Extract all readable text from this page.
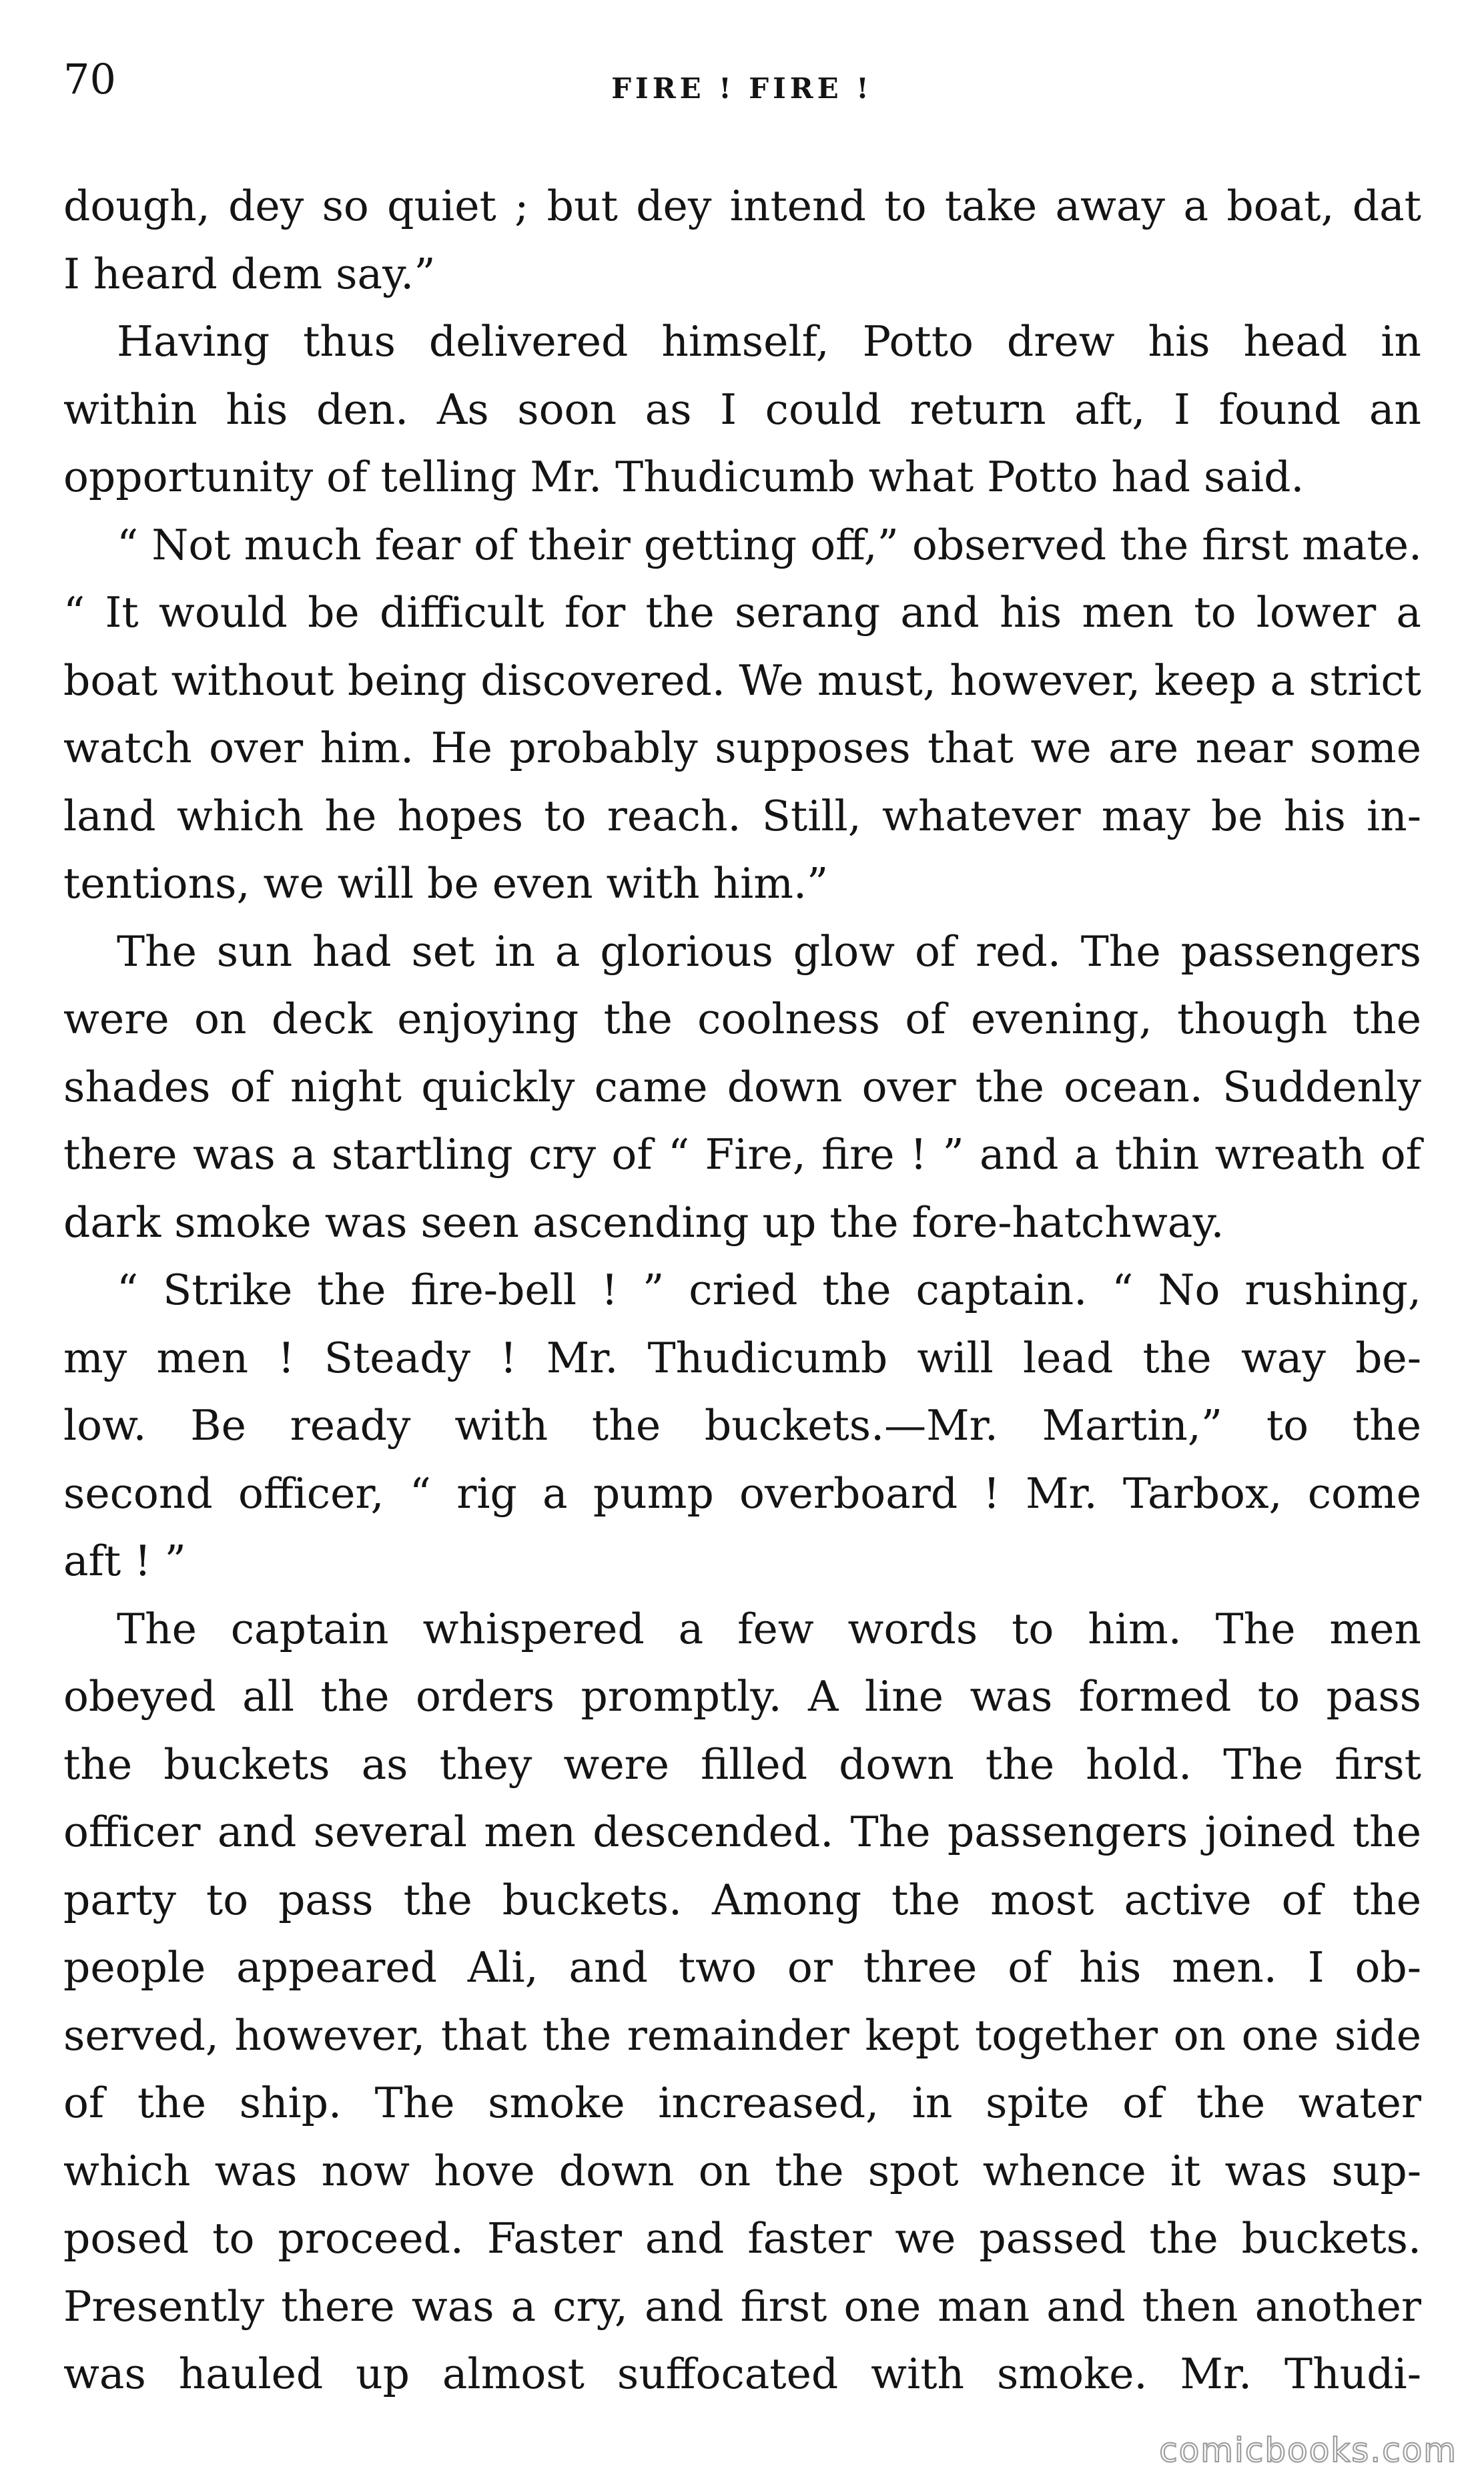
70	FIRE ! FIRE !
dough, dey so quiet ; but dey intend to take away a boat, dat
I heard dem say.”
Having thus delivered himself, Potto drew his head in
within his den. As soon as I could return aft, I found an
opportunity of telling Mr. Thudicumb what Potto had said.
“ Not much fear of their getting off,” observed the first mate.
“ It would be difficult for the serang and his men to lower a
boat without being discovered. We must, however, keep a strict
watch over him. He probably supposes that we are near some
land which he hopes to reach. Still, whatever may be his in-
tentions, we will be even with him.”
The sun had set in a glorious glow of red. The passengers
were on deck enjoying the coolness of evening, though the
shades of night quickly came down over the ocean. Suddenly
there was a startling cry of “ Fire, fire ! ” and a thin wreath of
dark smoke was seen ascending up the fore-hatchway.
“ Strike the fire-bell ! ” cried the captain. “ No rushing,
my men ! Steady ! Mr. Thudicumb will lead the way be-
low. Be ready with the buckets.—Mr. Martin,” to the
second officer, “ rig a pump overboard ! Mr. Tarbox, come
aft ! ”
The captain whispered a few words to him. The men
obeyed all the orders promptly. A line was formed to pass
the buckets as they were filled down the hold. The first
officer and several men descended. The passengers joined the
party to pass the buckets. Among the most active of the
people appeared Ali, and two or three of his men. I ob-
served, however, that the remainder kept together on one side
of the ship. The smoke increased, in spite of the water
which was now hove down on the spot whence it was sup-
posed to proceed. Faster and faster we passed the buckets.
Presently there was a cry, and first one man and then another
was hauled up almost suffocated with smoke. Mr. Thudi-
comicbooks.com
